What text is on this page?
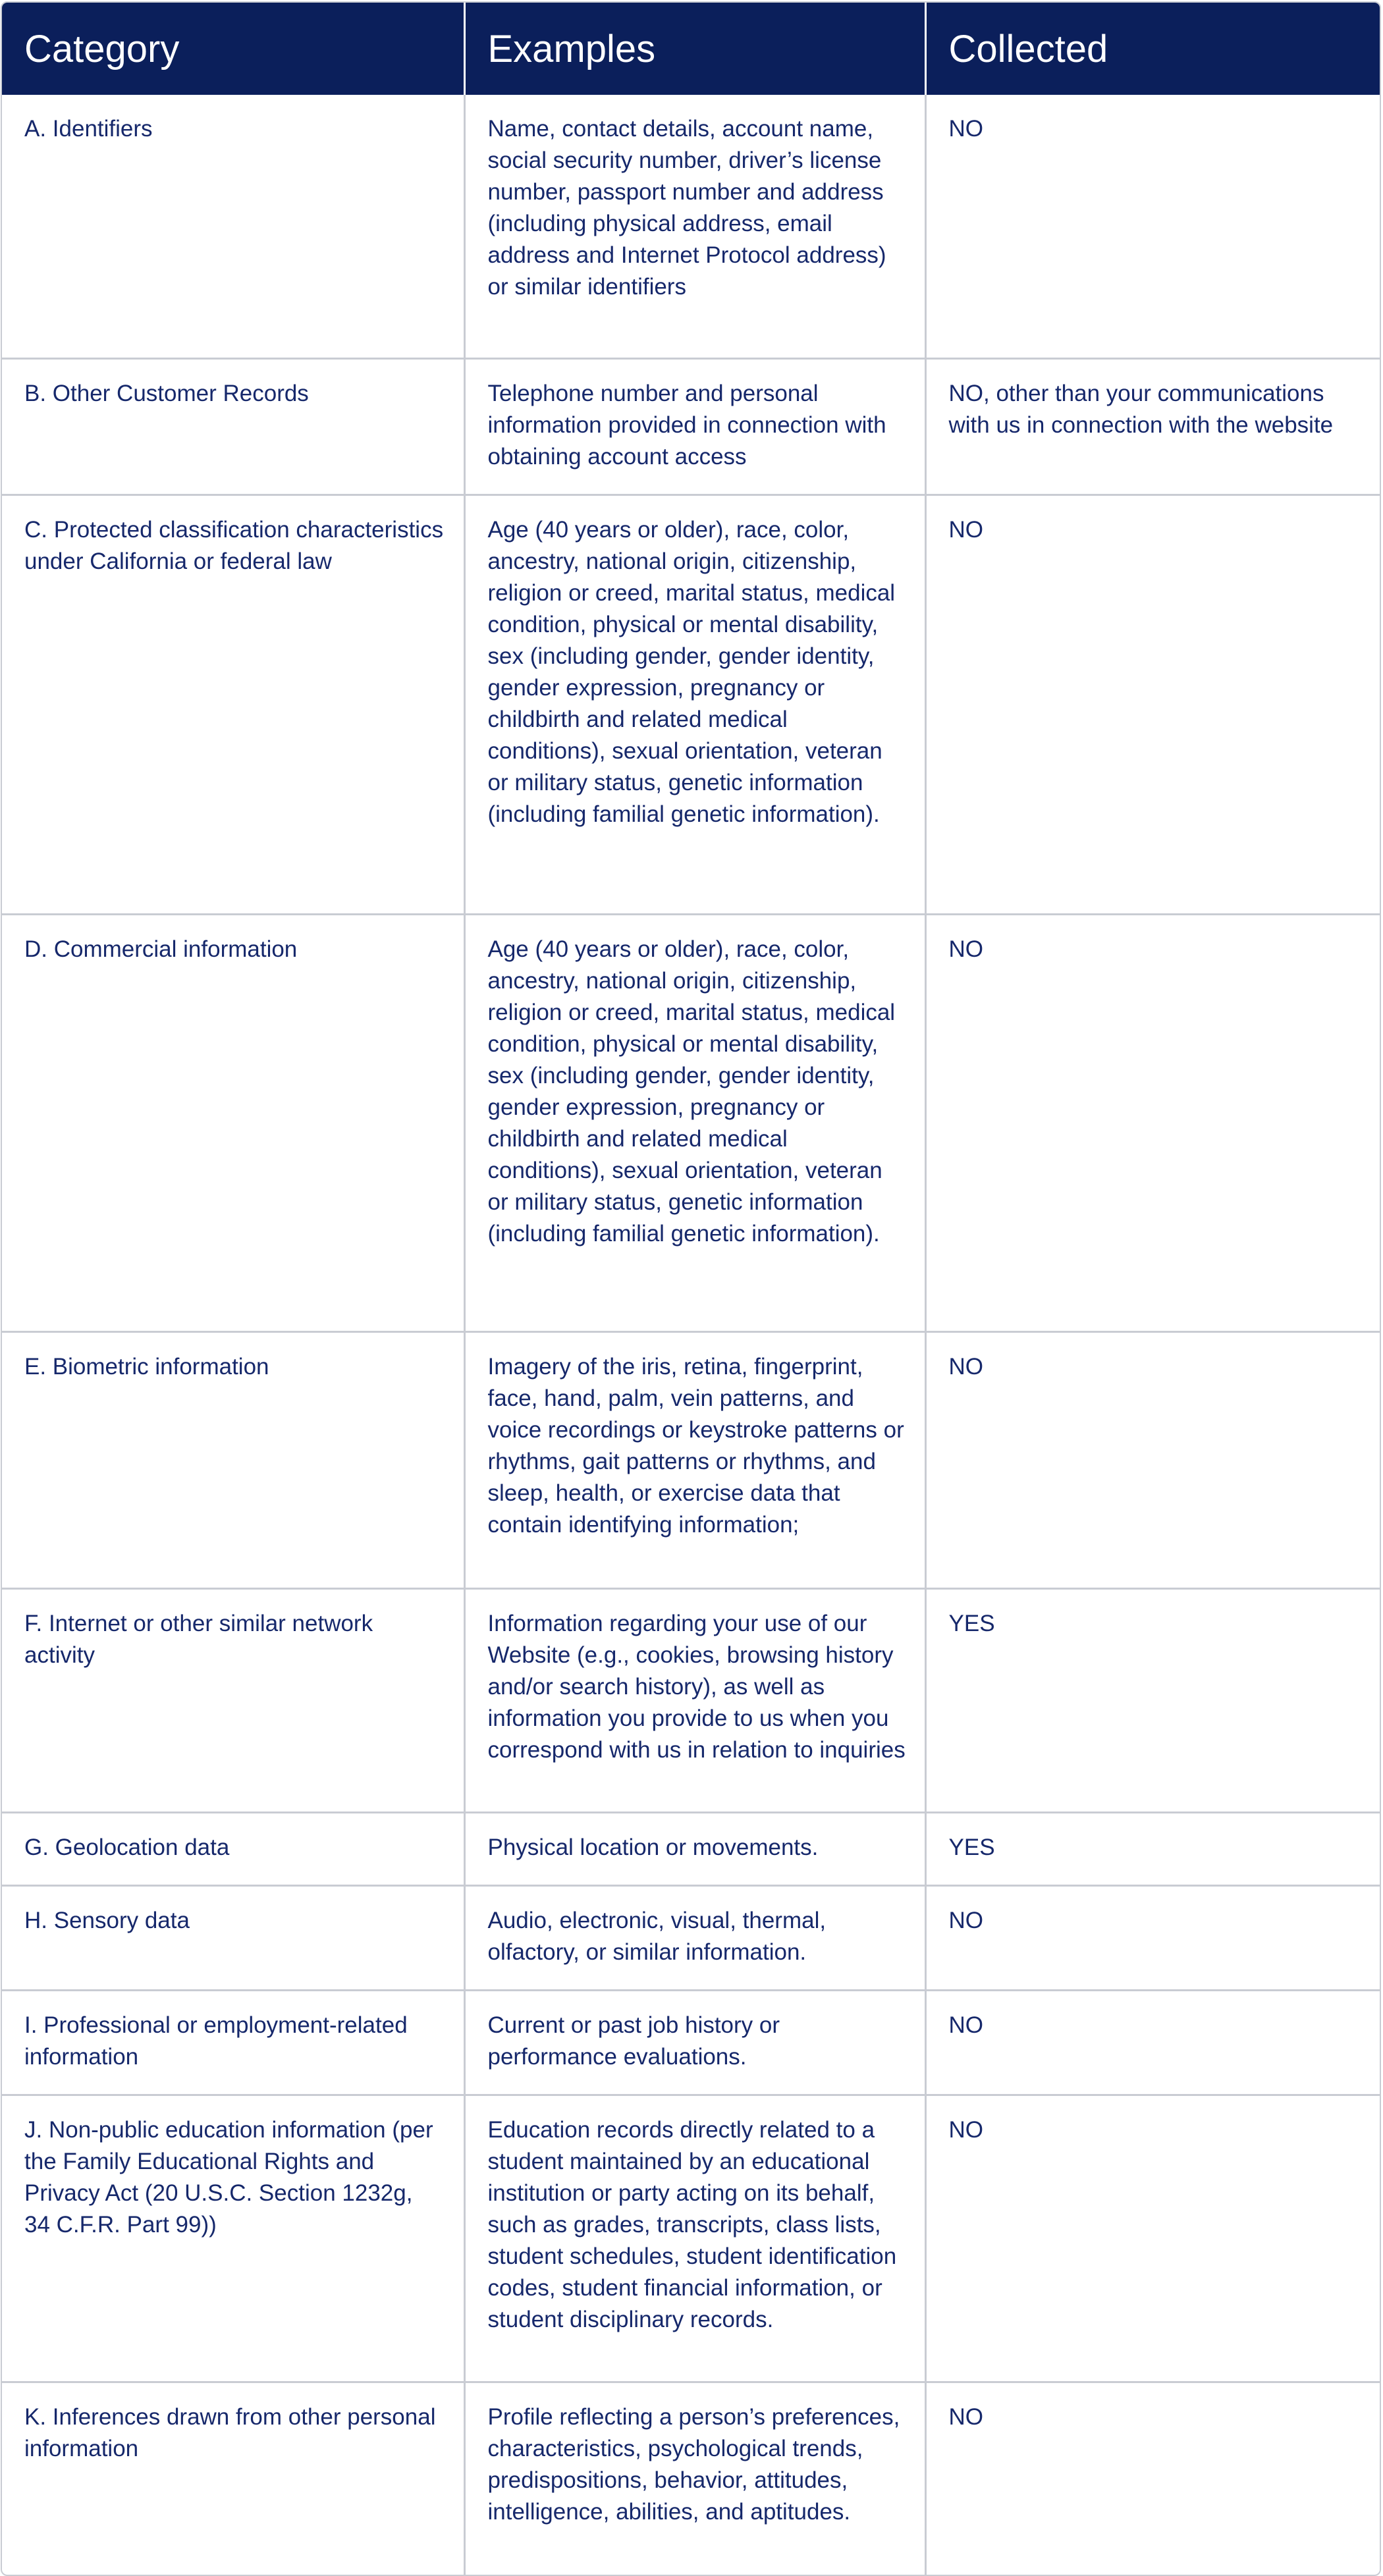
Category	Examples	Collected
A. Identifiers	Name, contact details, account name, social security number, driver’s license number, passport number and address (including physical address, email address and Internet Protocol address) or similar identifiers	NO
B. Other Customer Records	Telephone number and personal information provided in connection with obtaining account access	NO, other than your communications with us in connection with the website
C. Protected classification characteristics under California or federal law	Age (40 years or older), race, color, ancestry, national origin, citizenship, religion or creed, marital status, medical condition, physical or mental disability, sex (including gender, gender identity, gender expression, pregnancy or childbirth and related medical conditions), sexual orientation, veteran or military status, genetic information (including familial genetic information).	NO
D. Commercial information	Age (40 years or older), race, color, ancestry, national origin, citizenship, religion or creed, marital status, medical condition, physical or mental disability, sex (including gender, gender identity, gender expression, pregnancy or childbirth and related medical conditions), sexual orientation, veteran or military status, genetic information (including familial genetic information).	NO
E. Biometric information	Imagery of the iris, retina, fingerprint, face, hand, palm, vein patterns, and voice recordings or keystroke patterns or rhythms, gait patterns or rhythms, and sleep, health, or exercise data that contain identifying information;	NO
F. Internet or other similar network activity	Information regarding your use of our Website (e.g., cookies, browsing history and/or search history), as well as information you provide to us when you correspond with us in relation to inquiries	YES
G. Geolocation data	Physical location or movements.	YES
H. Sensory data	Audio, electronic, visual, thermal, olfactory, or similar information.	NO
I. Professional or employment-related information	Current or past job history or performance evaluations.	NO
J. Non-public education information (per the Family Educational Rights and Privacy Act (20 U.S.C. Section 1232g, 34 C.F.R. Part 99))	Education records directly related to a student maintained by an educational institution or party acting on its behalf, such as grades, transcripts, class lists, student schedules, student identification codes, student financial information, or student disciplinary records.	NO
K. Inferences drawn from other personal information	Profile reflecting a person’s preferences, characteristics, psychological trends, predispositions, behavior, attitudes, intelligence, abilities, and aptitudes.	NO
